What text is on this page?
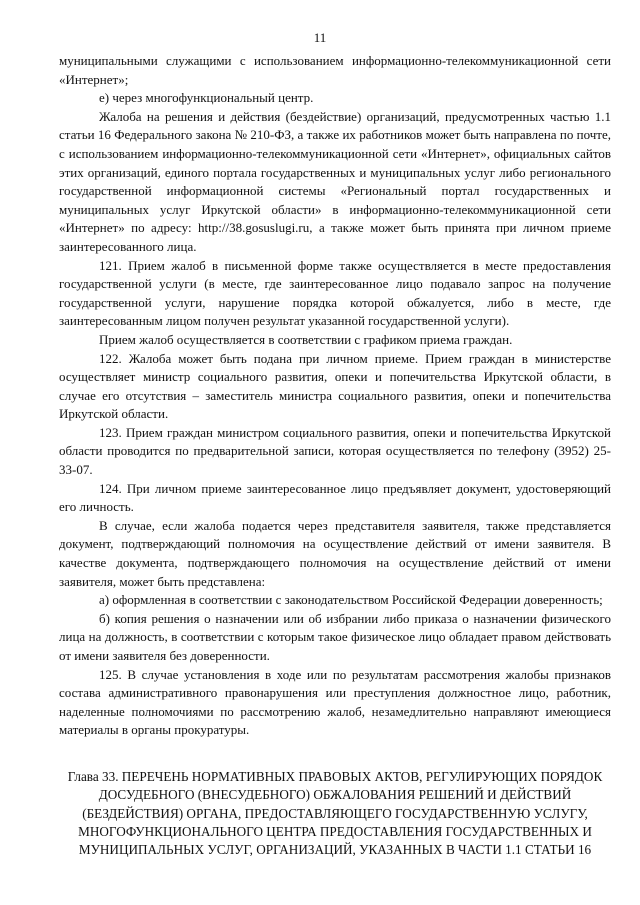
11

муниципальными служащими с использованием информационно-телекоммуникационной сети «Интернет»;

е) через многофункциональный центр.

Жалоба на решения и действия (бездействие) организаций, предусмотренных частью 1.1 статьи 16 Федерального закона № 210-ФЗ, а также их работников может быть направлена по почте, с использованием информационно-телекоммуникационной сети «Интернет», официальных сайтов этих организаций, единого портала государственных и муниципальных услуг либо регионального государственной информационной системы «Региональный портал государственных и муниципальных услуг Иркутской области» в информационно-телекоммуникационной сети «Интернет» по адресу: http://38.gosuslugi.ru, а также может быть принята при личном приеме заинтересованного лица.

121. Прием жалоб в письменной форме также осуществляется в месте предоставления государственной услуги (в месте, где заинтересованное лицо подавало запрос на получение государственной услуги, нарушение порядка которой обжалуется, либо в месте, где заинтересованным лицом получен результат указанной государственной услуги).

Прием жалоб осуществляется в соответствии с графиком приема граждан.

122. Жалоба может быть подана при личном приеме. Прием граждан в министерстве осуществляет министр социального развития, опеки и попечительства Иркутской области, в случае его отсутствия – заместитель министра социального развития, опеки и попечительства Иркутской области.

123. Прием граждан министром социального развития, опеки и попечительства Иркутской области проводится по предварительной записи, которая осуществляется по телефону (3952) 25-33-07.

124. При личном приеме заинтересованное лицо предъявляет документ, удостоверяющий его личность.

В случае, если жалоба подается через представителя заявителя, также представляется документ, подтверждающий полномочия на осуществление действий от имени заявителя. В качестве документа, подтверждающего полномочия на осуществление действий от имени заявителя, может быть представлена:

а) оформленная в соответствии с законодательством Российской Федерации доверенность;

б) копия решения о назначении или об избрании либо приказа о назначении физического лица на должность, в соответствии с которым такое физическое лицо обладает правом действовать от имени заявителя без доверенности.

125. В случае установления в ходе или по результатам рассмотрения жалобы признаков состава административного правонарушения или преступления должностное лицо, работник, наделенные полномочиями по рассмотрению жалоб, незамедлительно направляют имеющиеся материалы в органы прокуратуры.

Глава 33. ПЕРЕЧЕНЬ НОРМАТИВНЫХ ПРАВОВЫХ АКТОВ, РЕГУЛИРУЮЩИХ ПОРЯДОК ДОСУДЕБНОГО (ВНЕСУДЕБНОГО) ОБЖАЛОВАНИЯ РЕШЕНИЙ И ДЕЙСТВИЙ (БЕЗДЕЙСТВИЯ) ОРГАНА, ПРЕДОСТАВЛЯЮЩЕГО ГОСУДАРСТВЕННУЮ УСЛУГУ, МНОГОФУНКЦИОНАЛЬНОГО ЦЕНТРА ПРЕДОСТАВЛЕНИЯ ГОСУДАРСТВЕННЫХ И МУНИЦИПАЛЬНЫХ УСЛУГ, ОРГАНИЗАЦИЙ, УКАЗАННЫХ В ЧАСТИ 1.1 СТАТЬИ 16
